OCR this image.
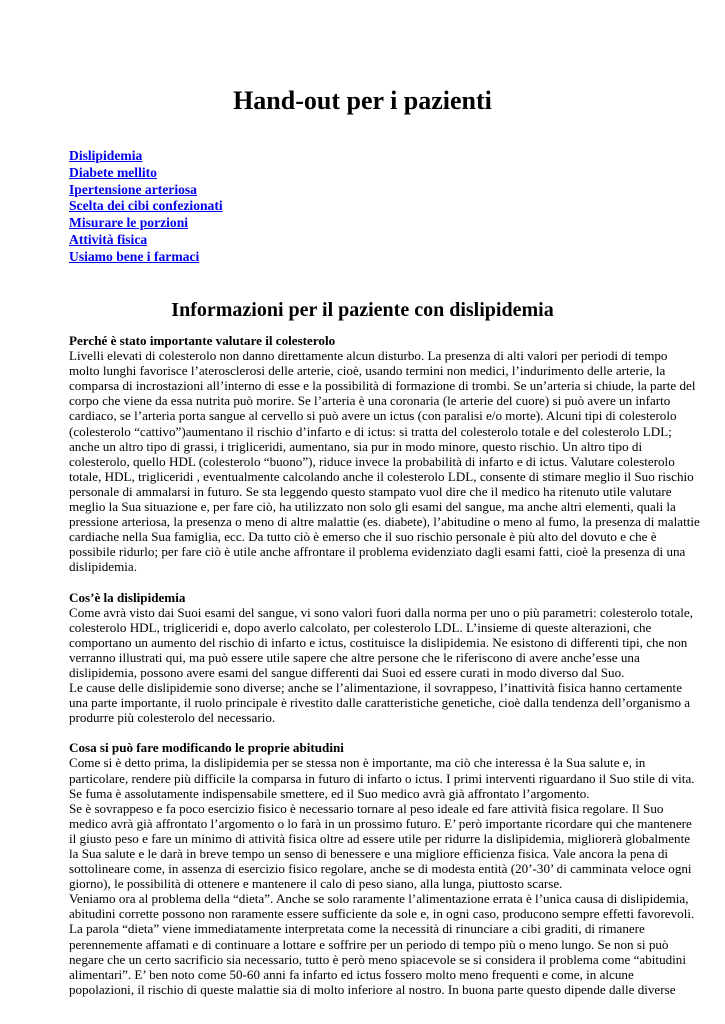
Hand-out per i pazienti
Dislipidemia
Diabete mellito
Ipertensione arteriosa
Scelta dei cibi confezionati
Misurare le porzioni
Attività fisica
Usiamo bene i farmaci
Informazioni per il paziente con dislipidemia
Perché è stato importante valutare il colesterolo
Livelli elevati di colesterolo non danno direttamente alcun disturbo. La presenza di alti valori per periodi di tempo
molto lunghi favorisce l’aterosclerosi delle arterie, cioè, usando termini non medici, l’indurimento delle arterie, la
comparsa di incrostazioni all’interno di esse e la possibilità di formazione di trombi. Se un’arteria si chiude, la parte del
corpo che viene da essa nutrita può morire. Se l’arteria è una coronaria (le arterie del cuore) si può avere un infarto
cardiaco, se l’arteria porta sangue al cervello si può avere un ictus (con paralisi e/o morte). Alcuni tipi di colesterolo
(colesterolo “cattivo”)aumentano il rischio d’infarto e di ictus: si tratta del colesterolo totale e del colesterolo LDL;
anche un altro tipo di grassi, i trigliceridi, aumentano, sia pur in modo minore, questo rischio. Un altro tipo di
colesterolo, quello HDL (colesterolo “buono”), riduce invece la probabilità di infarto e di ictus. Valutare colesterolo
totale, HDL, trigliceridi , eventualmente calcolando anche il colesterolo LDL, consente di stimare meglio il Suo rischio
personale di ammalarsi in futuro. Se sta leggendo questo stampato vuol dire che il medico ha ritenuto utile valutare
meglio la Sua situazione e, per fare ciò, ha utilizzato non solo gli esami del sangue, ma anche altri elementi, quali la
pressione arteriosa, la presenza o meno di altre malattie (es. diabete), l’abitudine o meno al fumo, la presenza di malattie
cardiache nella Sua famiglia, ecc. Da tutto ciò è emerso che il suo rischio personale è più alto del dovuto e che è
possibile ridurlo; per fare ciò è utile anche affrontare il problema evidenziato dagli esami fatti, cioè la presenza di una
dislipidemia.
Cos’è la dislipidemia
Come avrà visto dai Suoi esami del sangue, vi sono valori fuori dalla norma per uno o più parametri: colesterolo totale,
colesterolo HDL, trigliceridi e, dopo averlo calcolato, per colesterolo LDL. L’insieme di queste alterazioni, che
comportano un aumento del rischio di infarto e ictus, costituisce la dislipidemia. Ne esistono di differenti tipi, che non
verranno illustrati qui, ma può essere utile sapere che altre persone che le riferiscono di avere anche’esse una
dislipidemia, possono avere esami del sangue differenti dai Suoi ed essere curati in modo diverso dal Suo.
Le cause delle dislipidemie sono diverse; anche se l’alimentazione, il sovrappeso, l’inattività fisica hanno certamente
una parte importante, il ruolo principale è rivestito dalle caratteristiche genetiche, cioè dalla tendenza dell’organismo a
produrre più colesterolo del necessario.
Cosa si può fare modificando le proprie abitudini
Come si è detto prima, la dislipidemia per se stessa non è importante, ma ciò che interessa è la Sua salute e, in
particolare, rendere più difficile la comparsa in futuro di infarto o ictus. I primi interventi riguardano il Suo stile di vita.
Se fuma è assolutamente indispensabile smettere, ed il Suo medico avrà già affrontato l’argomento.
Se è sovrappeso e fa poco esercizio fisico è necessario tornare al peso ideale ed fare attività fisica regolare. Il Suo
medico avrà già affrontato l’argomento o lo farà in un prossimo futuro. E’ però importante ricordare qui che mantenere
il giusto peso e fare un minimo di attività fisica oltre ad essere utile per ridurre la dislipidemia, migliorerà globalmente
la Sua salute e le darà in breve tempo un senso di benessere e una migliore efficienza fisica. Vale ancora la pena di
sottolineare come, in assenza di esercizio fisico regolare, anche se di modesta entità (20’-30’ di camminata veloce ogni
giorno), le possibilità di ottenere e mantenere il calo di peso siano, alla lunga, piuttosto scarse.
Veniamo ora al problema della “dieta”. Anche se solo raramente l’alimentazione errata è l’unica causa di dislipidemia,
abitudini corrette possono non raramente essere sufficiente da sole e, in ogni caso, producono sempre effetti favorevoli.
La parola “dieta” viene immediatamente interpretata come la necessità di rinunciare a cibi graditi, di rimanere
perennemente affamati e di continuare a lottare e soffrire per un periodo di tempo più o meno lungo. Se non si può
negare che un certo sacrificio sia necessario, tutto è però meno spiacevole se si considera il problema come “abitudini
alimentari”. E’ ben noto come 50-60 anni fa infarto ed ictus fossero molto meno frequenti e come, in alcune
popolazioni, il rischio di queste malattie sia di molto inferiore al nostro. In buona parte questo dipende dalle diverse
